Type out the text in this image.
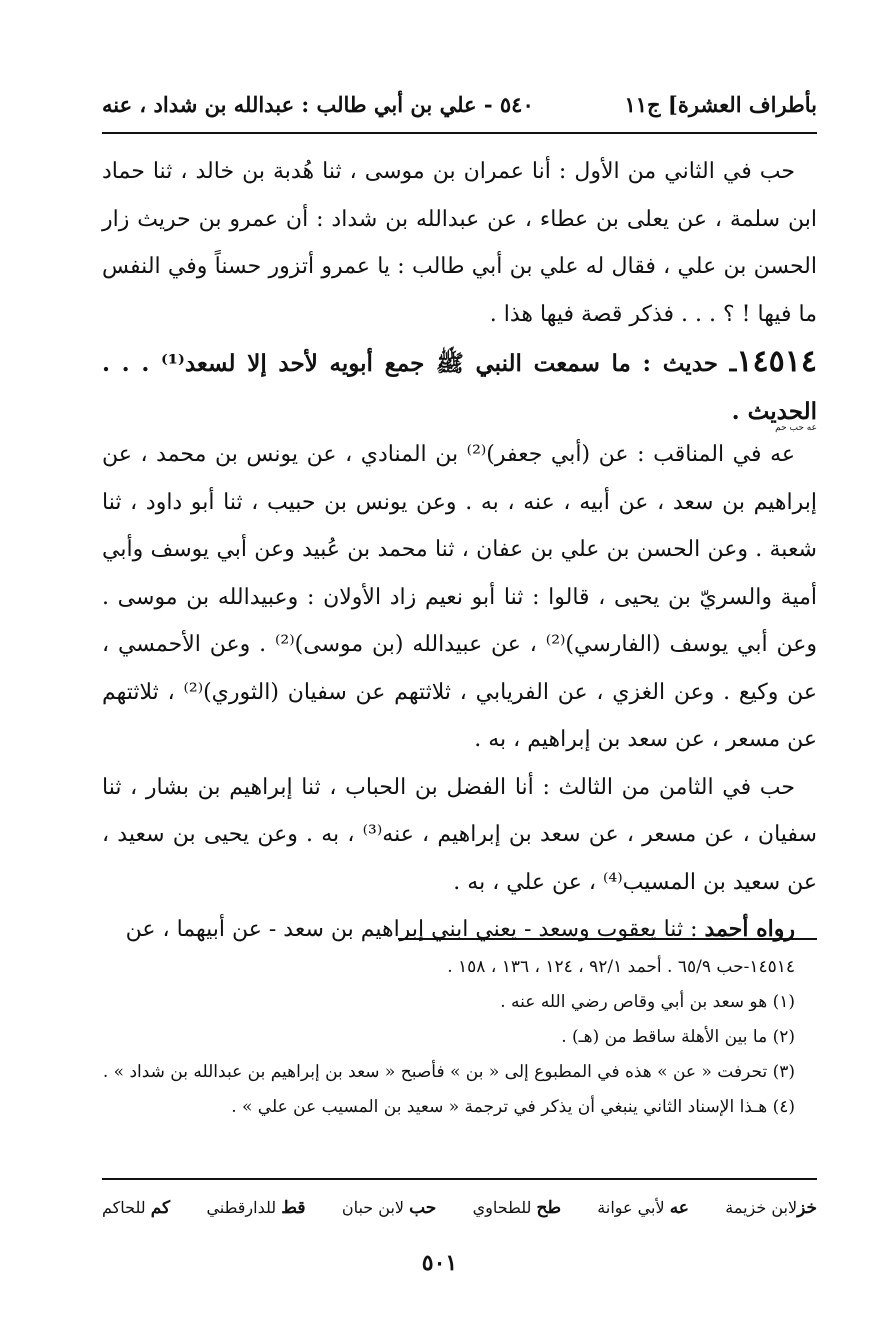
بأطراف العشرة] ج١١
٥٤٠ - علي بن أبي طالب : عبدالله بن شداد ، عنه

حب في الثاني من الأول : أنا عمران بن موسى ، ثنا هُدبة بن خالد ، ثنا حماد ابن سلمة ، عن يعلى بن عطاء ، عن عبدالله بن شداد : أن عمرو بن حريث زار الحسن بن علي ، فقال له علي بن أبي طالب : يا عمرو أتزور حسناً وفي النفس ما فيها ! ؟ . . . فذكر قصة فيها هذا .

١٤٥١٤ـ حديث : ما سمعت النبي ﷺ جمع أبويه لأحد إلا لسعد⁽¹⁾ . . . الحديث .
عه حب حم

عه في المناقب : عن (أبي جعفر)⁽²⁾ بن المنادي ، عن يونس بن محمد ، عن إبراهيم بن سعد ، عن أبيه ، عنه ، به . وعن يونس بن حبيب ، ثنا أبو داود ، ثنا شعبة . وعن الحسن بن علي بن عفان ، ثنا محمد بن عُبيد وعن أبي يوسف وأبي أمية والسريّ بن يحيى ، قالوا : ثنا أبو نعيم زاد الأولان : وعبيدالله بن موسى . وعن أبي يوسف (الفارسي)⁽²⁾ ، عن عبيدالله (بن موسى)⁽²⁾ . وعن الأحمسي ، عن وكيع . وعن الغزي ، عن الفريابي ، ثلاثتهم عن سفيان (الثوري)⁽²⁾ ، ثلاثتهم عن مسعر ، عن سعد بن إبراهيم ، به .

حب في الثامن من الثالث : أنا الفضل بن الحباب ، ثنا إبراهيم بن بشار ، ثنا سفيان ، عن مسعر ، عن سعد بن إبراهيم ، عنه⁽³⁾ ، به . وعن يحيى بن سعيد ، عن سعيد بن المسيب⁽⁴⁾ ، عن علي ، به .

رواه أحمد : ثنا يعقوب وسعد - يعني ابني إبراهيم بن سعد - عن أبيهما ، عن

١٤٥١٤-حب ٦٥/٩ . أحمد ٩٢/١ ، ١٢٤ ، ١٣٦ ، ١٥٨ .

(١) هو سعد بن أبي وقاص رضي الله عنه .

(٢) ما بين الأهلة ساقط من (هـ) .

(٣) تحرفت « عن » هذه في المطبوع إلى « بن » فأصبح « سعد بن إبراهيم بن عبدالله بن شداد » .

(٤) هـذا الإسناد الثاني ينبغي أن يذكر في ترجمة « سعيد بن المسيب عن علي » .

خزلابن خزيمة
عه لأبي عوانة
طح للطحاوي
حب لابن حبان
قط للدارقطني
كم للحاكم
٥٠١
